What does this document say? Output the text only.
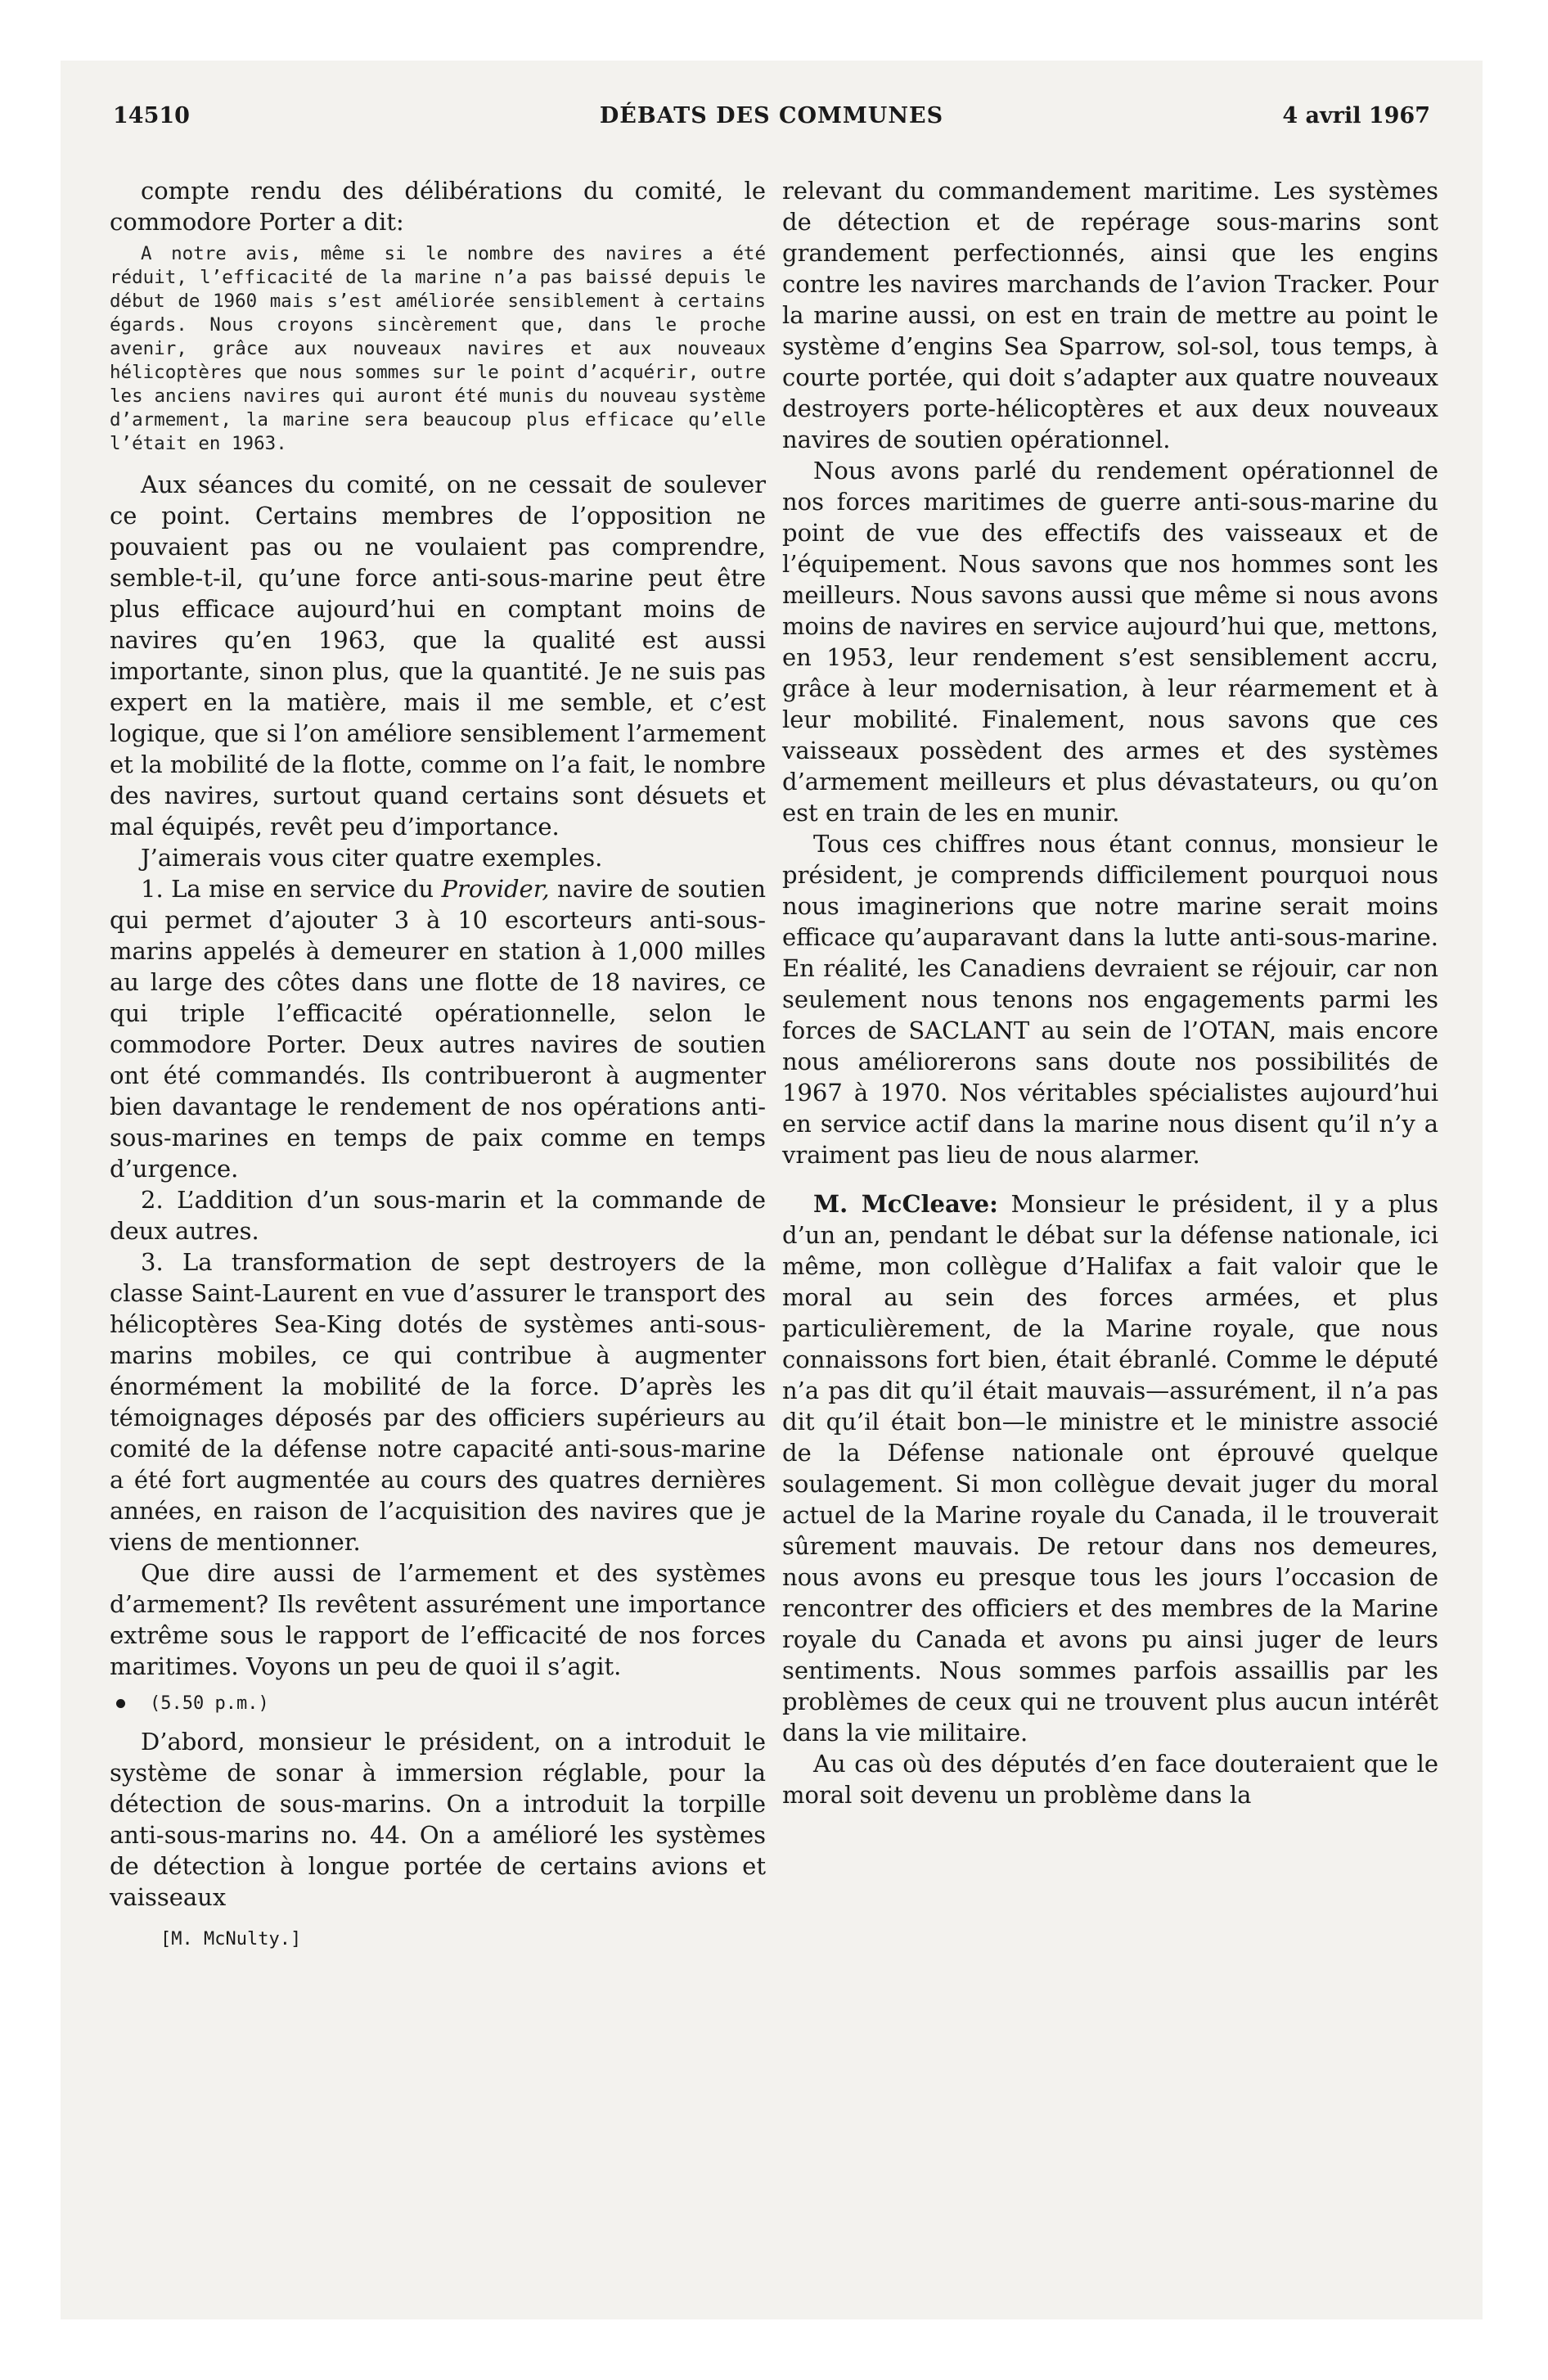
14510	DÉBATS DES COMMUNES	4 avril 1967

compte rendu des délibérations du comité, le commodore Porter a dit:

A notre avis, même si le nombre des navires a été réduit, l’efficacité de la marine n’a pas baissé depuis le début de 1960 mais s’est améliorée sensiblement à certains égards. Nous croyons sincèrement que, dans le proche avenir, grâce aux nouveaux navires et aux nouveaux hélicoptères que nous sommes sur le point d’acquérir, outre les anciens navires qui auront été munis du nouveau système d’armement, la marine sera beaucoup plus efficace qu’elle l’était en 1963.

Aux séances du comité, on ne cessait de soulever ce point. Certains membres de l’opposition ne pouvaient pas ou ne voulaient pas comprendre, semble-t-il, qu’une force anti-sous-marine peut être plus efficace aujourd’hui en comptant moins de navires qu’en 1963, que la qualité est aussi importante, sinon plus, que la quantité. Je ne suis pas expert en la matière, mais il me semble, et c’est logique, que si l’on améliore sensiblement l’armement et la mobilité de la flotte, comme on l’a fait, le nombre des navires, surtout quand certains sont désuets et mal équipés, revêt peu d’importance.

J’aimerais vous citer quatre exemples.

1. La mise en service du Provider, navire de soutien qui permet d’ajouter 3 à 10 escorteurs anti-sous-marins appelés à demeurer en station à 1,000 milles au large des côtes dans une flotte de 18 navires, ce qui triple l’efficacité opérationnelle, selon le commodore Porter. Deux autres navires de soutien ont été commandés. Ils contribueront à augmenter bien davantage le rendement de nos opérations anti-sous-marines en temps de paix comme en temps d’urgence.

2. L’addition d’un sous-marin et la commande de deux autres.

3. La transformation de sept destroyers de la classe Saint-Laurent en vue d’assurer le transport des hélicoptères Sea-King dotés de systèmes anti-sous-marins mobiles, ce qui contribue à augmenter énormément la mobilité de la force. D’après les témoignages déposés par des officiers supérieurs au comité de la défense notre capacité anti-sous-marine a été fort augmentée au cours des quatres dernières années, en raison de l’acquisition des navires que je viens de mentionner.

Que dire aussi de l’armement et des systèmes d’armement? Ils revêtent assurément une importance extrême sous le rapport de l’efficacité de nos forces maritimes. Voyons un peu de quoi il s’agit.

(5.50 p.m.)

D’abord, monsieur le président, on a introduit le système de sonar à immersion réglable, pour la détection de sous-marins. On a introduit la torpille anti-sous-marins no. 44. On a amélioré les systèmes de détection à longue portée de certains avions et vaisseaux

[M. McNulty.]

relevant du commandement maritime. Les systèmes de détection et de repérage sous-marins sont grandement perfectionnés, ainsi que les engins contre les navires marchands de l’avion Tracker. Pour la marine aussi, on est en train de mettre au point le système d’engins Sea Sparrow, sol-sol, tous temps, à courte portée, qui doit s’adapter aux quatre nouveaux destroyers porte-hélicoptères et aux deux nouveaux navires de soutien opérationnel.

Nous avons parlé du rendement opérationnel de nos forces maritimes de guerre anti-sous-marine du point de vue des effectifs des vaisseaux et de l’équipement. Nous savons que nos hommes sont les meilleurs. Nous savons aussi que même si nous avons moins de navires en service aujourd’hui que, mettons, en 1953, leur rendement s’est sensiblement accru, grâce à leur modernisation, à leur réarmement et à leur mobilité. Finalement, nous savons que ces vaisseaux possèdent des armes et des systèmes d’armement meilleurs et plus dévastateurs, ou qu’on est en train de les en munir.

Tous ces chiffres nous étant connus, monsieur le président, je comprends difficilement pourquoi nous nous imaginerions que notre marine serait moins efficace qu’auparavant dans la lutte anti-sous-marine. En réalité, les Canadiens devraient se réjouir, car non seulement nous tenons nos engagements parmi les forces de SACLANT au sein de l’OTAN, mais encore nous améliorerons sans doute nos possibilités de 1967 à 1970. Nos véritables spécialistes aujourd’hui en service actif dans la marine nous disent qu’il n’y a vraiment pas lieu de nous alarmer.

M. McCleave: Monsieur le président, il y a plus d’un an, pendant le débat sur la défense nationale, ici même, mon collègue d’Halifax a fait valoir que le moral au sein des forces armées, et plus particulièrement, de la Marine royale, que nous connaissons fort bien, était ébranlé. Comme le député n’a pas dit qu’il était mauvais—assurément, il n’a pas dit qu’il était bon—le ministre et le ministre associé de la Défense nationale ont éprouvé quelque soulagement. Si mon collègue devait juger du moral actuel de la Marine royale du Canada, il le trouverait sûrement mauvais. De retour dans nos demeures, nous avons eu presque tous les jours l’occasion de rencontrer des officiers et des membres de la Marine royale du Canada et avons pu ainsi juger de leurs sentiments. Nous sommes parfois assaillis par les problèmes de ceux qui ne trouvent plus aucun intérêt dans la vie militaire.

Au cas où des députés d’en face douteraient que le moral soit devenu un problème dans la
